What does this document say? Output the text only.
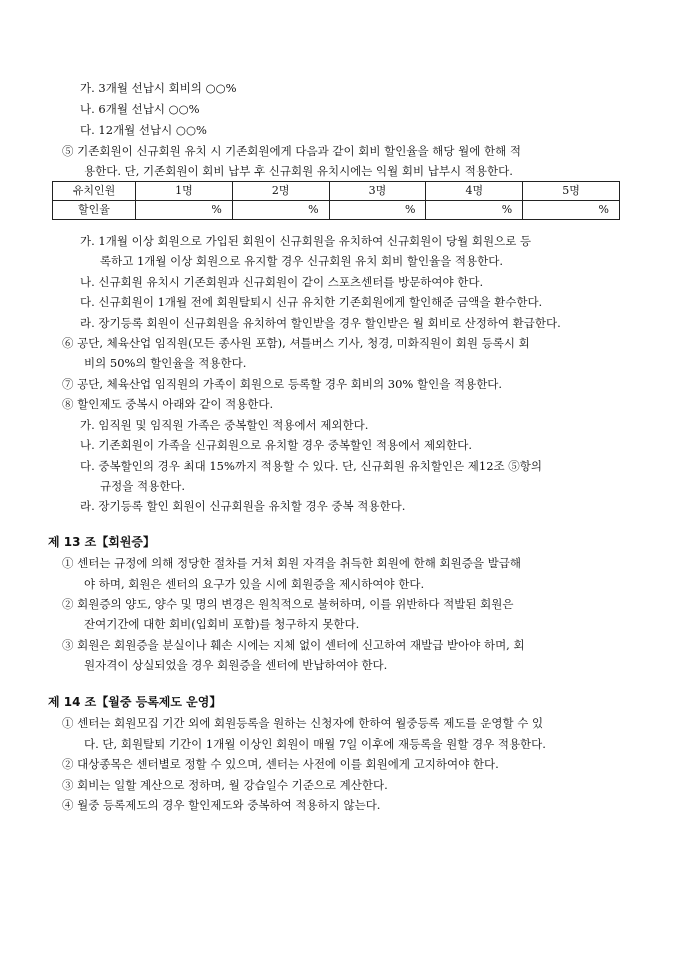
가. 3개월 선납시 회비의 ○○%
나. 6개월 선납시 ○○%
다. 12개월 선납시 ○○%
⑤ 기존회원이 신규회원 유치 시 기존회원에게 다음과 같이 회비 할인율을 해당 월에 한해 적
용한다. 단, 기존회원이 회비 납부 후 신규회원 유치시에는 익월 회비 납부시 적용한다.
유치인원	1명	2명	3명	4명	5명
할인율	%	%	%	%	%
가. 1개월 이상 회원으로 가입된 회원이 신규회원을 유치하여 신규회원이 당월 회원으로 등
록하고 1개월 이상 회원으로 유지할 경우 신규회원 유치 회비 할인율을 적용한다.
나. 신규회원 유치시 기존회원과 신규회원이 같이 스포츠센터를 방문하여야 한다.
다. 신규회원이 1개월 전에 회원탈퇴시 신규 유치한 기존회원에게 할인해준 금액을 환수한다.
라. 장기등록 회원이 신규회원을 유치하여 할인받을 경우 할인받은 월 회비로 산정하여 환급한다.
⑥ 공단, 체육산업 임직원(모든 종사원 포함), 셔틀버스 기사, 청경, 미화직원이 회원 등록시 회
비의 50%의 할인율을 적용한다.
⑦ 공단, 체육산업 임직원의 가족이 회원으로 등록할 경우 회비의 30% 할인을 적용한다.
⑧ 할인제도 중복시 아래와 같이 적용한다.
가. 임직원 및 임직원 가족은 중복할인 적용에서 제외한다.
나. 기존회원이 가족을 신규회원으로 유치할 경우 중복할인 적용에서 제외한다.
다. 중복할인의 경우 최대 15%까지 적용할 수 있다. 단, 신규회원 유치할인은 제12조 ⑤항의
규정을 적용한다.
라. 장기등록 할인 회원이 신규회원을 유치할 경우 중복 적용한다.
제 13 조【회원증】
① 센터는 규정에 의해 정당한 절차를 거쳐 회원 자격을 취득한 회원에 한해 회원증을 발급해
야 하며, 회원은 센터의 요구가 있을 시에 회원증을 제시하여야 한다.
② 회원증의 양도, 양수 및 명의 변경은 원칙적으로 불허하며, 이를 위반하다 적발된 회원은
잔여기간에 대한 회비(입회비 포함)를 청구하지 못한다.
③ 회원은 회원증을 분실이나 훼손 시에는 지체 없이 센터에 신고하여 재발급 받아야 하며, 회
원자격이 상실되었을 경우 회원증을 센터에 반납하여야 한다.
제 14 조【월중 등록제도 운영】
① 센터는 회원모집 기간 외에 회원등록을 원하는 신청자에 한하여 월중등록 제도를 운영할 수 있
다. 단, 회원탈퇴 기간이 1개월 이상인 회원이 매월 7일 이후에 재등록을 원할 경우 적용한다.
② 대상종목은 센터별로 정할 수 있으며, 센터는 사전에 이를 회원에게 고지하여야 한다.
③ 회비는 일할 계산으로 정하며, 월 강습일수 기준으로 계산한다.
④ 월중 등록제도의 경우 할인제도와 중복하여 적용하지 않는다.
